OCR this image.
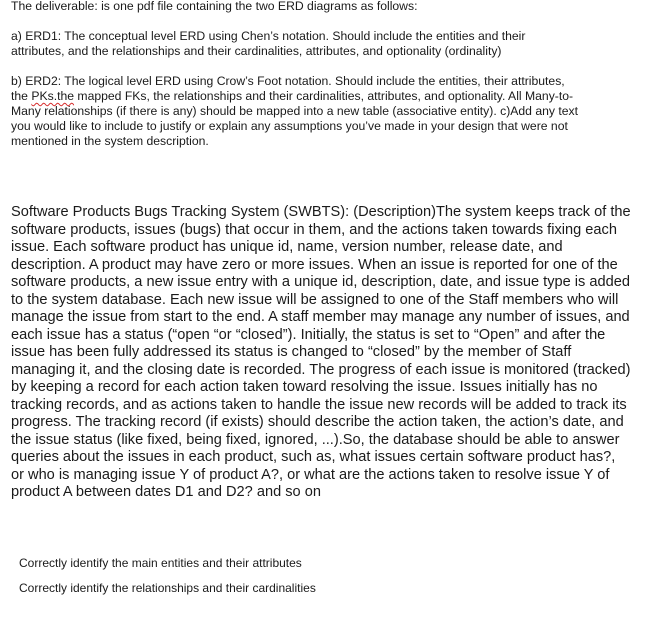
The deliverable: is one pdf file containing the two ERD diagrams as follows:
a) ERD1: The conceptual level ERD using Chen’s notation. Should include the entities and their
attributes, and the relationships and their cardinalities, attributes, and optionality (ordinality)
b) ERD2: The logical level ERD using Crow’s Foot notation. Should include the entities, their attributes,
the PKs.the mapped FKs, the relationships and their cardinalities, attributes, and optionality. All Many-to-
Many relationships (if there is any) should be mapped into a new table (associative entity). c)Add any text
you would like to include to justify or explain any assumptions you’ve made in your design that were not
mentioned in the system description.
Software Products Bugs Tracking System (SWBTS): (Description)The system keeps track of the
software products, issues (bugs) that occur in them, and the actions taken towards fixing each
issue. Each software product has unique id, name, version number, release date, and
description. A product may have zero or more issues. When an issue is reported for one of the
software products, a new issue entry with a unique id, description, date, and issue type is added
to the system database. Each new issue will be assigned to one of the Staff members who will
manage the issue from start to the end. A staff member may manage any number of issues, and
each issue has a status (“open “or “closed”). Initially, the status is set to “Open” and after the
issue has been fully addressed its status is changed to “closed” by the member of Staff
managing it, and the closing date is recorded. The progress of each issue is monitored (tracked)
by keeping a record for each action taken toward resolving the issue. Issues initially has no
tracking records, and as actions taken to handle the issue new records will be added to track its
progress. The tracking record (if exists) should describe the action taken, the action’s date, and
the issue status (like fixed, being fixed, ignored, ...).So, the database should be able to answer
queries about the issues in each product, such as, what issues certain software product has?,
or who is managing issue Y of product A?, or what are the actions taken to resolve issue Y of
product A between dates D1 and D2? and so on
Correctly identify the main entities and their attributes
Correctly identify the relationships and their cardinalities
